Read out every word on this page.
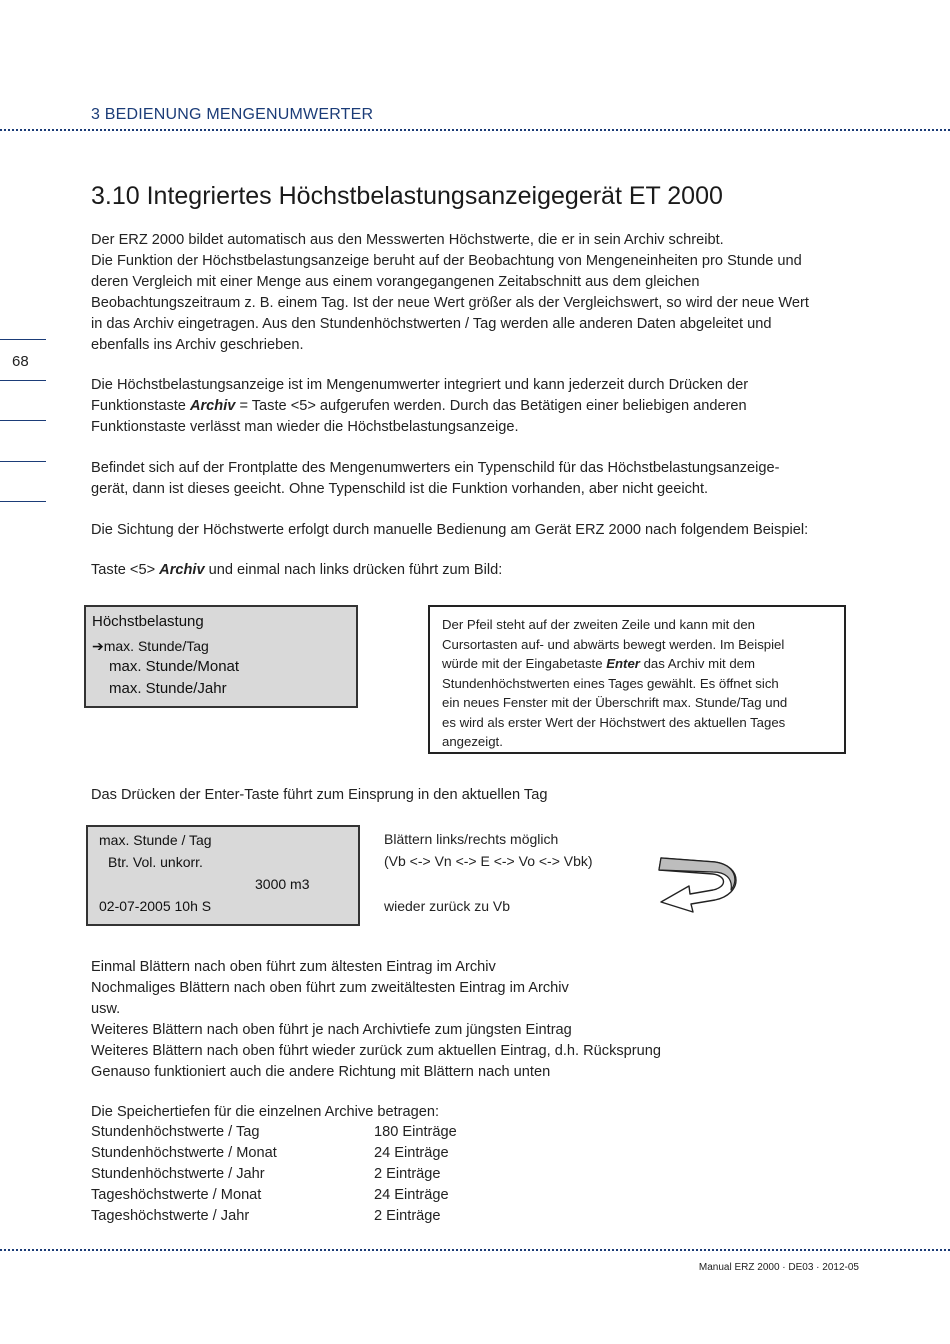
3 BEDIENUNG MENGENUMWERTER
68
3.10 Integriertes Höchstbelastungsanzeigegerät ET 2000
Der ERZ 2000 bildet automatisch aus den Messwerten Höchstwerte, die er in sein Archiv schreibt.
Die Funktion der Höchstbelastungsanzeige beruht auf der Beobachtung von Mengeneinheiten pro Stunde und
deren Vergleich mit einer Menge aus einem vorangegangenen Zeitabschnitt aus dem gleichen
Beobachtungszeitraum z. B. einem Tag. Ist der neue Wert größer als der Vergleichswert, so wird der neue Wert
in das Archiv eingetragen. Aus den Stundenhöchstwerten / Tag werden alle anderen Daten abgeleitet und
ebenfalls ins Archiv geschrieben.
Die Höchstbelastungsanzeige ist im Mengenumwerter integriert und kann jederzeit durch Drücken der
Funktionstaste Archiv = Taste <5> aufgerufen werden. Durch das Betätigen einer beliebigen anderen
Funktionstaste verlässt man wieder die Höchstbelastungsanzeige.
Befindet sich auf der Frontplatte des Mengenumwerters ein Typenschild für das Höchstbelastungsanzeige-
gerät, dann ist dieses geeicht. Ohne Typenschild ist die Funktion vorhanden, aber nicht geeicht.
Die Sichtung der Höchstwerte erfolgt durch manuelle Bedienung am Gerät ERZ 2000 nach folgendem Beispiel:
Taste <5> Archiv und einmal nach links drücken führt zum Bild:
Höchstbelastung
➔max. Stunde/Tag
max. Stunde/Monat
max. Stunde/Jahr
Der Pfeil steht auf der zweiten Zeile und kann mit den
Cursortasten auf- und abwärts bewegt werden. Im Beispiel
würde mit der Eingabetaste Enter das Archiv mit dem
Stundenhöchstwerten eines Tages gewählt. Es öffnet sich
ein neues Fenster mit der Überschrift max. Stunde/Tag und
es wird als erster Wert der Höchstwert des aktuellen Tages
angezeigt.
Das Drücken der Enter-Taste führt zum Einsprung in den aktuellen Tag
max. Stunde / Tag
Btr. Vol. unkorr.
3000 m3
02-07-2005 10h S
Blättern links/rechts möglich
(Vb <-> Vn <-> E <-> Vo <-> Vbk)
wieder zurück zu Vb
Einmal Blättern nach oben führt zum ältesten Eintrag im Archiv
Nochmaliges Blättern nach oben führt zum zweitältesten Eintrag im Archiv
usw.
Weiteres Blättern nach oben führt je nach Archivtiefe zum jüngsten Eintrag
Weiteres Blättern nach oben führt wieder zurück zum aktuellen Eintrag, d.h. Rücksprung
Genauso funktioniert auch die andere Richtung mit Blättern nach unten
Die Speichertiefen für die einzelnen Archive betragen:
Stundenhöchstwerte / Tag	180 Einträge
Stundenhöchstwerte / Monat	24 Einträge
Stundenhöchstwerte / Jahr	2 Einträge
Tageshöchstwerte / Monat	24 Einträge
Tageshöchstwerte / Jahr	2 Einträge
Manual ERZ 2000 · DE03 · 2012-05
